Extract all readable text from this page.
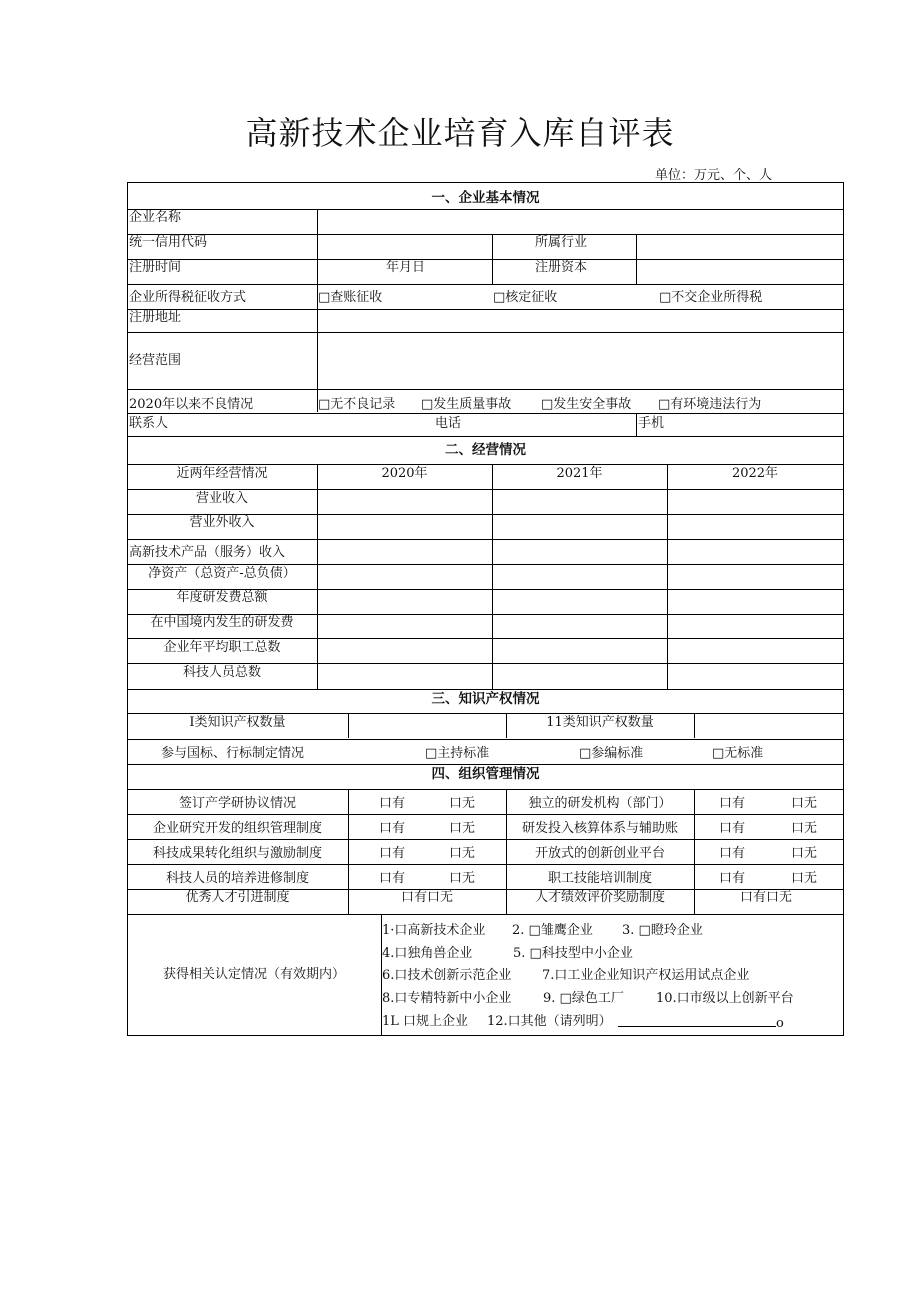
高新技术企业培育入库自评表
单位：万元、个、人
一、企业基本情况
企业名称
统一信用代码	所属行业
注册时间	年月日	注册资本
企业所得税征收方式	□查账征收	□核定征收	□不交企业所得税
注册地址
经营范围
2020年以来不良情况	□无不良记录 □发生质量事故 □发生安全事故 □有环境违法行为
联系人	电话	手机
二、经营情况
近两年经营情况	2020年	2021年	2022年
营业收入
营业外收入
高新技术产品（服务）收入
净资产（总资产-总负债）
年度研发费总额
在中国境内发生的研发费
企业年平均职工总数
科技人员总数
三、知识产权情况
I类知识产权数量	11类知识产权数量
参与国标、行标制定情况	□主持标准	□参编标准	□无标准
四、组织管理情况
签订产学研协议情况	口有	口无	独立的研发机构（部门）	口有	口无
企业研究开发的组织管理制度	口有	口无	研发投入核算体系与辅助账	口有	口无
科技成果转化组织与激励制度	口有	口无	开放式的创新创业平台	口有	口无
科技人员的培养进修制度	口有	口无	职工技能培训制度	口有	口无
优秀人才引进制度	口有口无	人才绩效评价奖励制度	口有口无
获得相关认定情况（有效期内）
1·口高新技术企业 2. □雏鹰企业 3. □瞪玲企业
4.口独角兽企业	5. □科技型中小企业
6.口技术创新示范企业 7.口工业企业知识产权运用试点企业
8.口专精特新中小企业 9. □绿色工厂 10.口市级以上创新平台
1L 口规上企业 12.口其他（请列明）	o
